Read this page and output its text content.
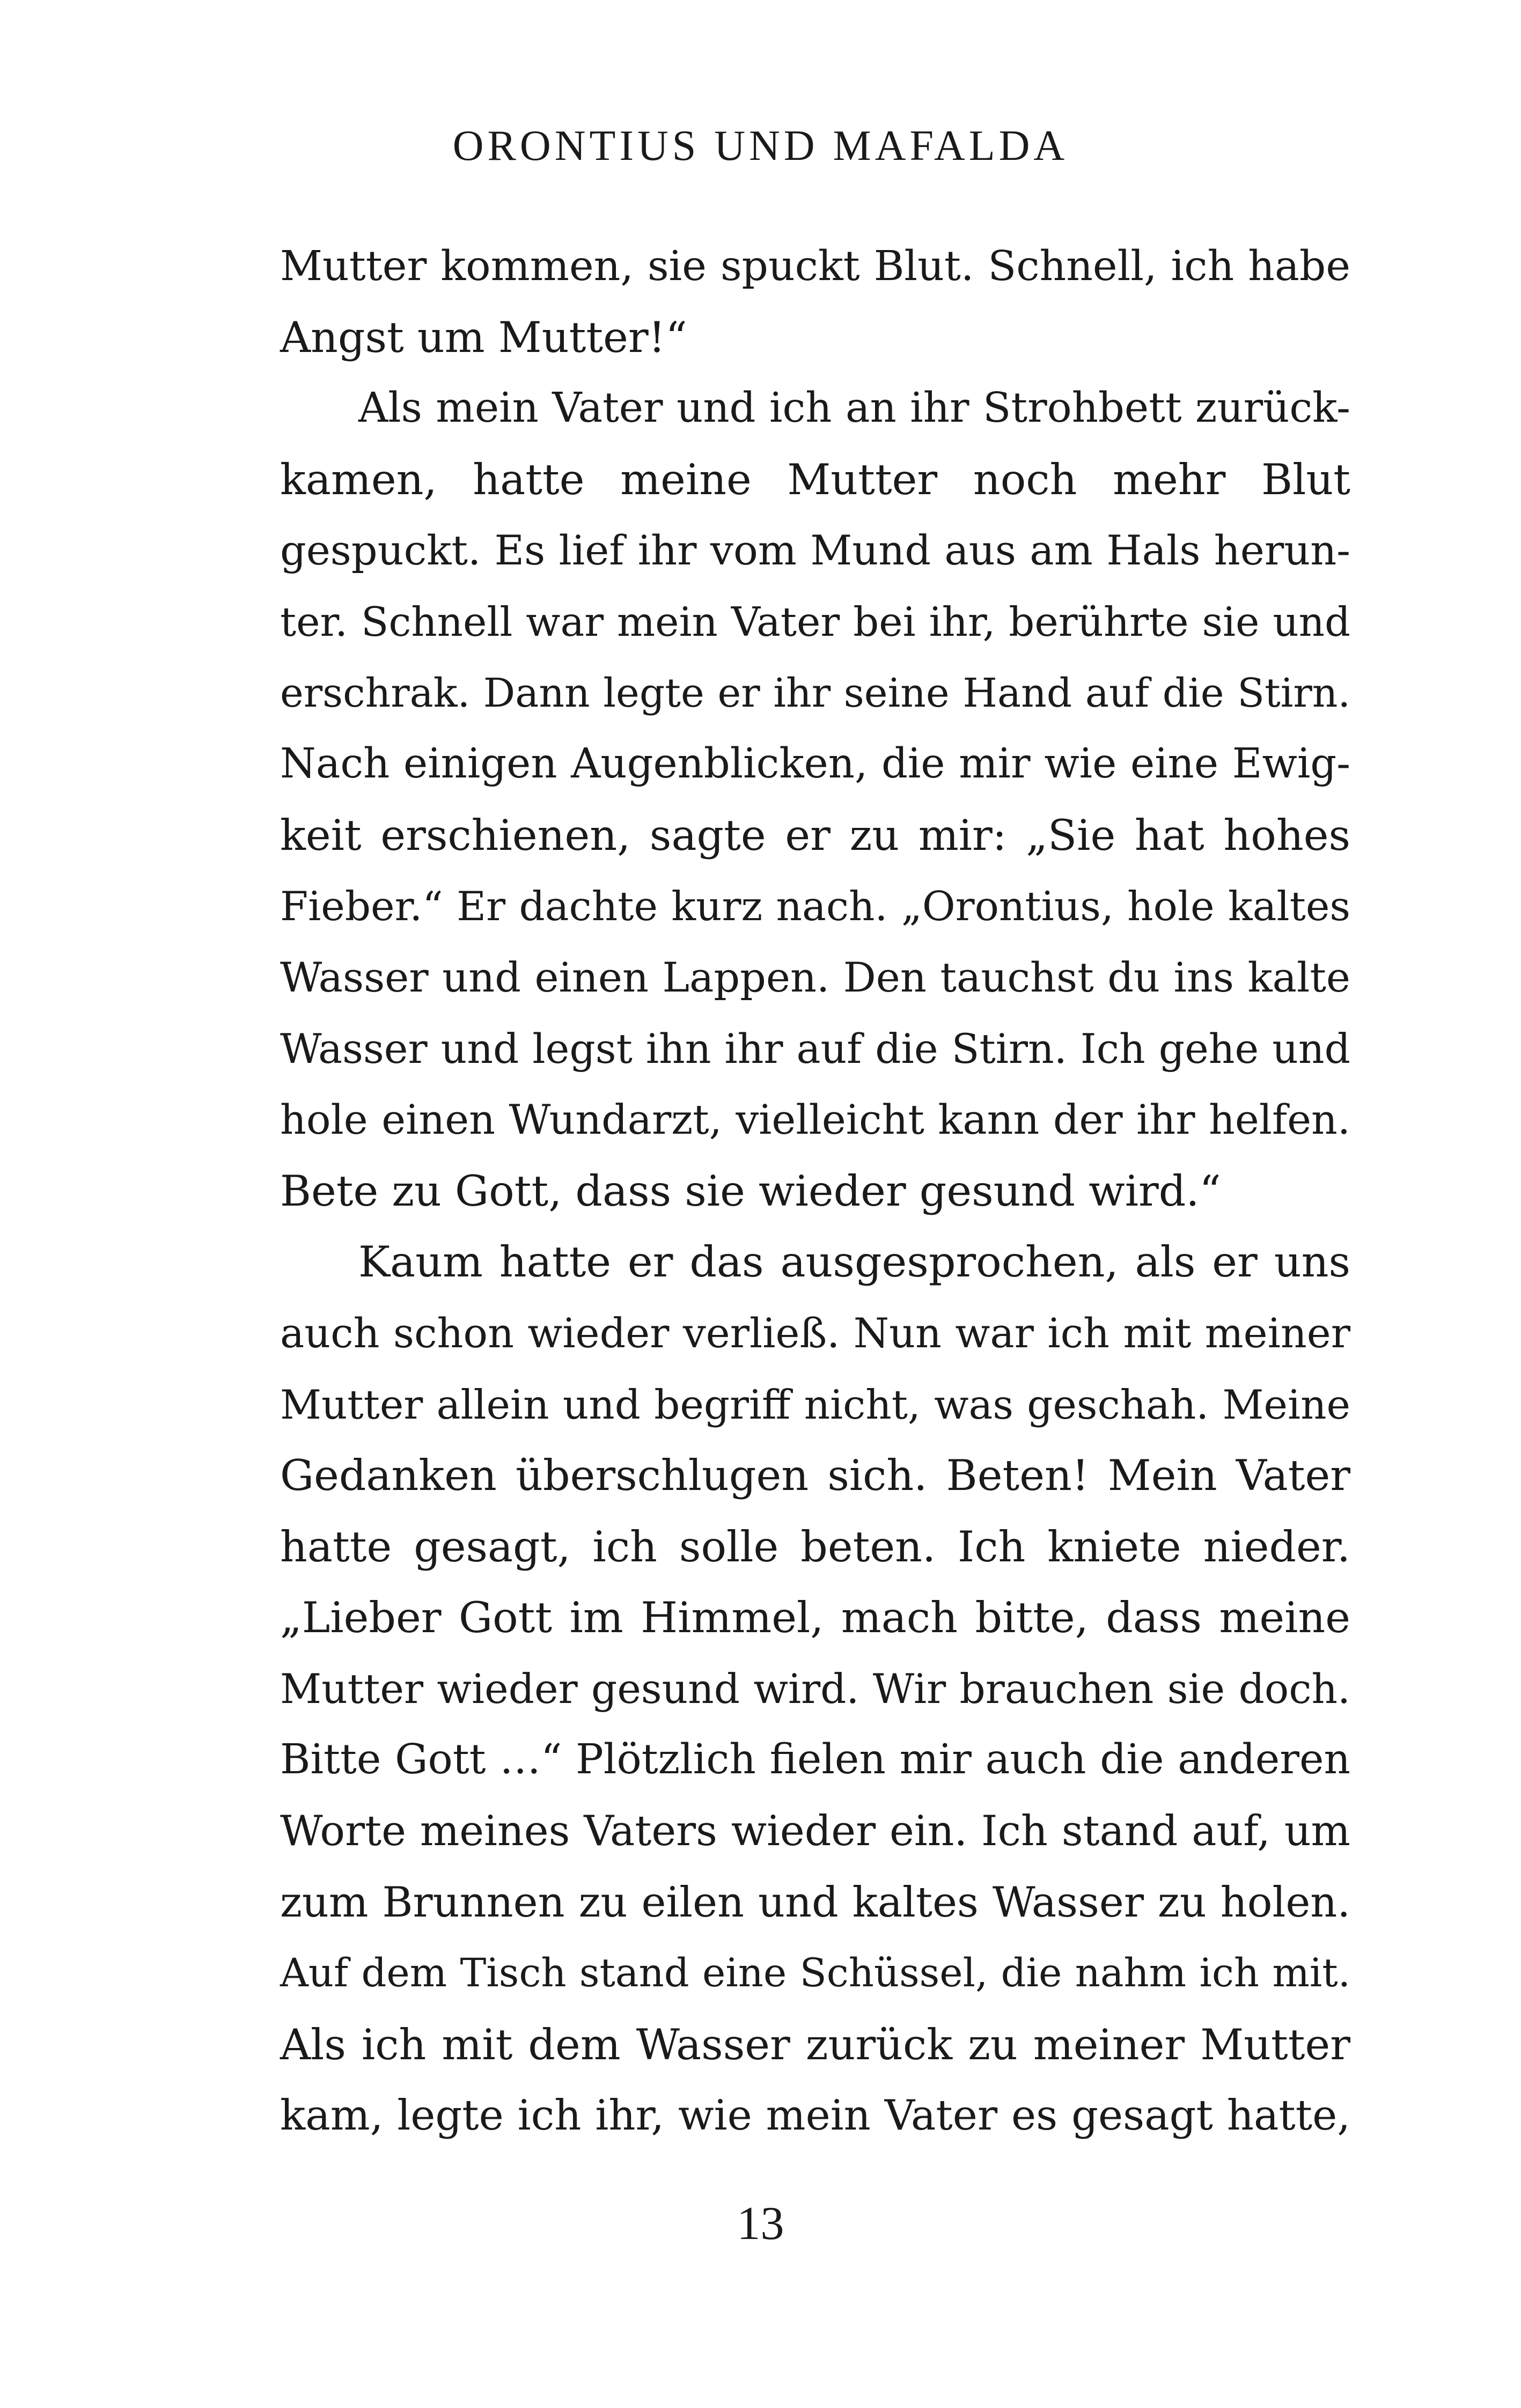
ORONTIUS UND MAFALDA
Mutter kommen, sie spuckt Blut. Schnell, ich habe
Angst um Mutter!“
Als mein Vater und ich an ihr Strohbett zurück-
kamen, hatte meine Mutter noch mehr Blut
gespuckt. Es lief ihr vom Mund aus am Hals herun-
ter. Schnell war mein Vater bei ihr, berührte sie und
erschrak. Dann legte er ihr seine Hand auf die Stirn.
Nach einigen Augenblicken, die mir wie eine Ewig-
keit erschienen, sagte er zu mir: „Sie hat hohes
Fieber.“ Er dachte kurz nach. „Orontius, hole kaltes
Wasser und einen Lappen. Den tauchst du ins kalte
Wasser und legst ihn ihr auf die Stirn. Ich gehe und
hole einen Wundarzt, vielleicht kann der ihr helfen.
Bete zu Gott, dass sie wieder gesund wird.“
Kaum hatte er das ausgesprochen, als er uns
auch schon wieder verließ. Nun war ich mit meiner
Mutter allein und begriff nicht, was geschah. Meine
Gedanken überschlugen sich. Beten! Mein Vater
hatte gesagt, ich solle beten. Ich kniete nieder.
„Lieber Gott im Himmel, mach bitte, dass meine
Mutter wieder gesund wird. Wir brauchen sie doch.
Bitte Gott …“ Plötzlich fielen mir auch die anderen
Worte meines Vaters wieder ein. Ich stand auf, um
zum Brunnen zu eilen und kaltes Wasser zu holen.
Auf dem Tisch stand eine Schüssel, die nahm ich mit.
Als ich mit dem Wasser zurück zu meiner Mutter
kam, legte ich ihr, wie mein Vater es gesagt hatte,
13
